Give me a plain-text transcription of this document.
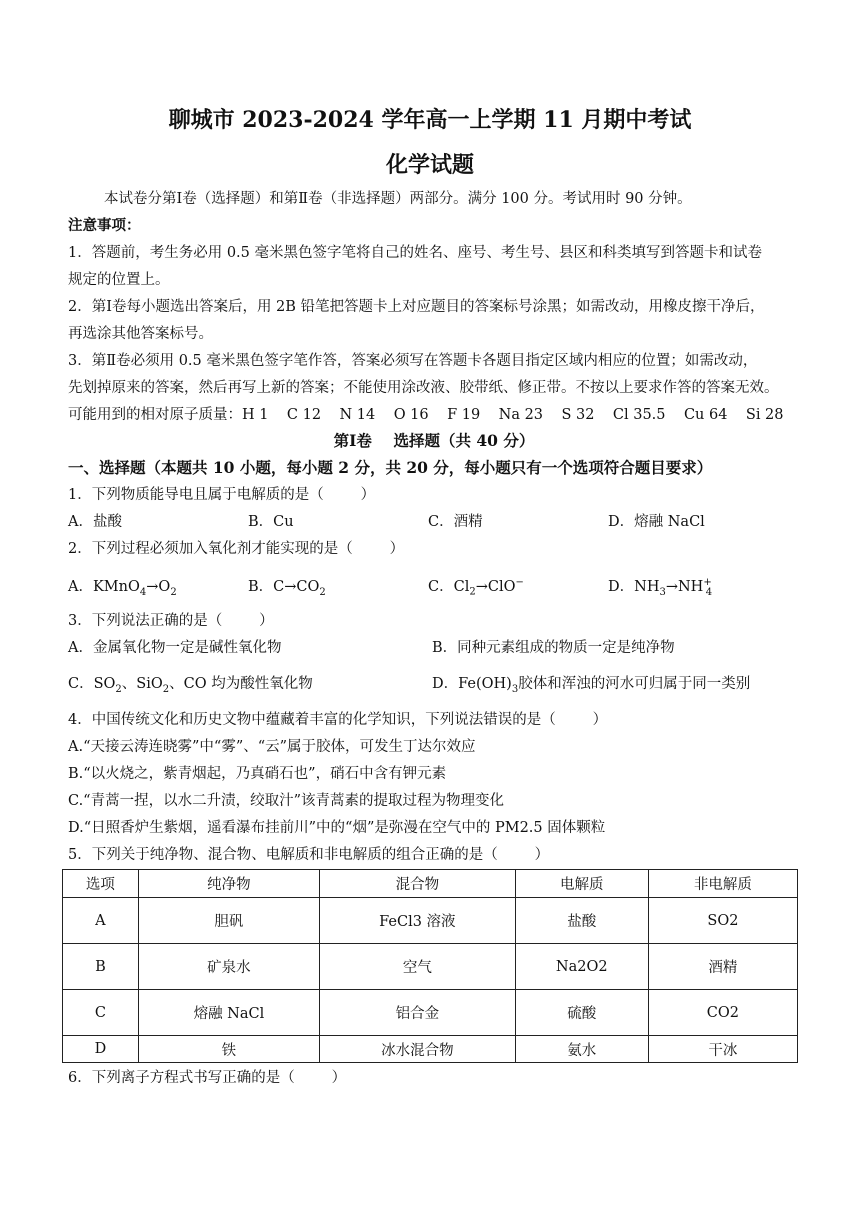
聊城市 2023-2024 学年高一上学期 11 月期中考试
化学试题
本试卷分第Ⅰ卷（选择题）和第Ⅱ卷（非选择题）两部分。满分 100 分。考试用时 90 分钟。
注意事项：
1．答题前，考生务必用 0.5 毫米黑色签字笔将自己的姓名、座号、考生号、县区和科类填写到答题卡和试卷
规定的位置上。
2．第Ⅰ卷每小题选出答案后，用 2B 铅笔把答题卡上对应题目的答案标号涂黑；如需改动，用橡皮擦干净后，
再选涂其他答案标号。
3．第Ⅱ卷必须用 0.5 毫米黑色签字笔作答，答案必须写在答题卡各题目指定区域内相应的位置；如需改动，
先划掉原来的答案，然后再写上新的答案；不能使用涂改液、胶带纸、修正带。不按以上要求作答的答案无效。
可能用到的相对原子质量：H 1    C 12    N 14    O 16    F 19    Na 23    S 32    Cl 35.5    Cu 64    Si 28
第Ⅰ卷    选择题（共 40 分）
一、选择题（本题共 10 小题，每小题 2 分，共 20 分，每小题只有一个选项符合题目要求）
1．下列物质能导电且属于电解质的是（        ）
A．盐酸	B．Cu	C．酒精	D．熔融 NaCl
2．下列过程必须加入氧化剂才能实现的是（        ）
A．$KMnO_4\to O_2$	B．$C\to CO_2$	C．$Cl_2\to ClO^-$	D．$NH_3\to NH^+_4$
3．下列说法正确的是（        ）
A．金属氧化物一定是碱性氧化物	B．同种元素组成的物质一定是纯净物
C．$SO_2$、SiO$_2$、CO 均为酸性氧化物	D．$Fe(OH)_3$胶体和浑浊的河水可归属于同一类别
4．中国传统文化和历史文物中蕴藏着丰富的化学知识，下列说法错误的是（        ）
A.“天接云涛连晓雾”中“雾”、“云”属于胶体，可发生丁达尔效应
B.“以火烧之，紫青烟起，乃真硝石也”，硝石中含有钾元素
C.“青蒿一捏，以水二升渍，绞取汁”该青蒿素的提取过程为物理变化
D.“日照香炉生紫烟，遥看瀑布挂前川”中的“烟”是弥漫在空气中的 PM2.5 固体颗粒
5．下列关于纯净物、混合物、电解质和非电解质的组合正确的是（        ）
选项	纯净物	混合物	电解质	非电解质
A	胆矾	FeCl3 溶液	盐酸	SO2
B	矿泉水	空气	Na2O2	酒精
C	熔融 NaCl	铝合金	硫酸	CO2
D	铁	冰水混合物	氨水	干冰
6．下列离子方程式书写正确的是（        ）
